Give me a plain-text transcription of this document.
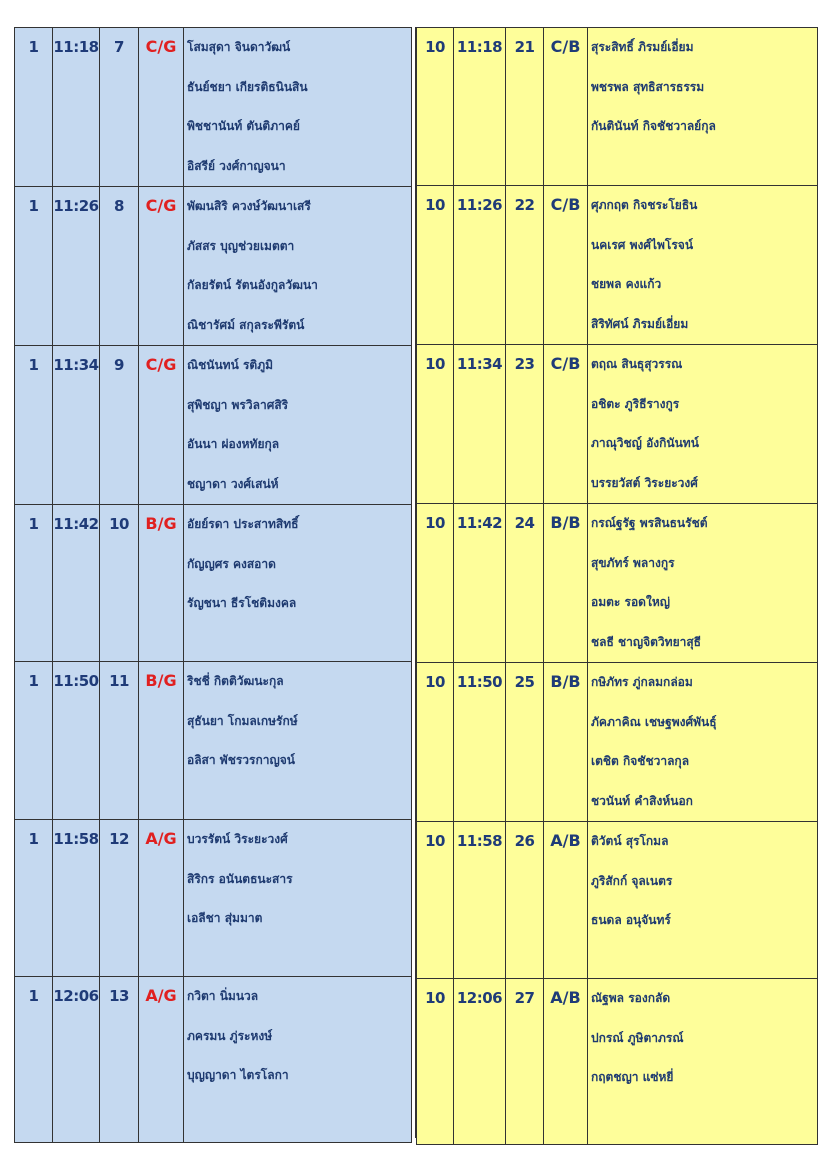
1	11:18	7	C/G	โสมสุดา จินดาวัฒน์
ธันย์ชยา เกียรติธนินสิน
พิชชานันท์ ตันติภาคย์
อิสรีย์ วงศ์กาญจนา

1	11:26	8	C/G	พัฒนสิริ ควงษ์วัฒนาเสรี
ภัสสร บุญช่วยเมตตา
กัลยรัตน์ รัตนอังกูลวัฒนา
ณิชารัศม์ สกุลระพีรัตน์

1	11:34	9	C/G	ณิชนันทน์ รติภูมิ
สุพิชญา พรวิลาศสิริ
อันนา ผ่องหทัยกุล
ชญาดา วงศ์เสน่ห์

1	11:42	10	B/G	อัยย์รดา ประสาทสิทธิ์
กัญญศร คงสอาด
รัญชนา ธีรโชติมงคล

1	11:50	11	B/G	ริชชี่ กิตติวัฒนะกุล
สุธันยา โกมลเกษรักษ์
อลิสา พัชรวรกาญจน์

1	11:58	12	A/G	บวรรัตน์ วิระยะวงศ์
สิริกร อนันตธนะสาร
เอลีชา สุ่มมาต

1	12:06	13	A/G	กวิตา นิ่มนวล
ภครมน ภู่ระหงษ์
บุญญาดา ไตรโลกา
10	11:18	21	C/B	สุระสิทธิ์ ภิรมย์เอี่ยม
พชรพล สุทธิสารธรรม
กันตินันท์ กิจชัชวาลย์กุล

10	11:26	22	C/B	ศุภกฤต กิจชระโยธิน
นคเรศ พงศ์ไพโรจน์
ชยพล คงแก้ว
สิริทัศน์ ภิรมย์เอี่ยม

10	11:34	23	C/B	ตฤณ สินธุสุวรรณ
อชิตะ ภูริธีรางกูร
ภาณุวิชญ์ อังกินันทน์
บรรยวัสต์ วิระยะวงศ์

10	11:42	24	B/B	กรณ์ฐรัฐ พรสินธนรัชต์
สุขภัทร์ พลางกูร
อมตะ รอดใหญ่
ชลธี ชาญจิตวิทยาสุธี

10	11:50	25	B/B	กษิภัทร ภู่กลมกล่อม
ภัคภาคิณ เชษฐพงศ์พันธุ์
เตชิต กิจชัชวาลกุล
ชวนันท์ คำสิงห์นอก

10	11:58	26	A/B	ติวัตน์ สุรโกมล
ภูริสักก์ จุลเนตร
ธนดล อนุจันทร์

10	12:06	27	A/B	ณัฐพล รองกลัด
ปกรณ์ ภูษิตาภรณ์
กฤตชญา แซ่หยี่
